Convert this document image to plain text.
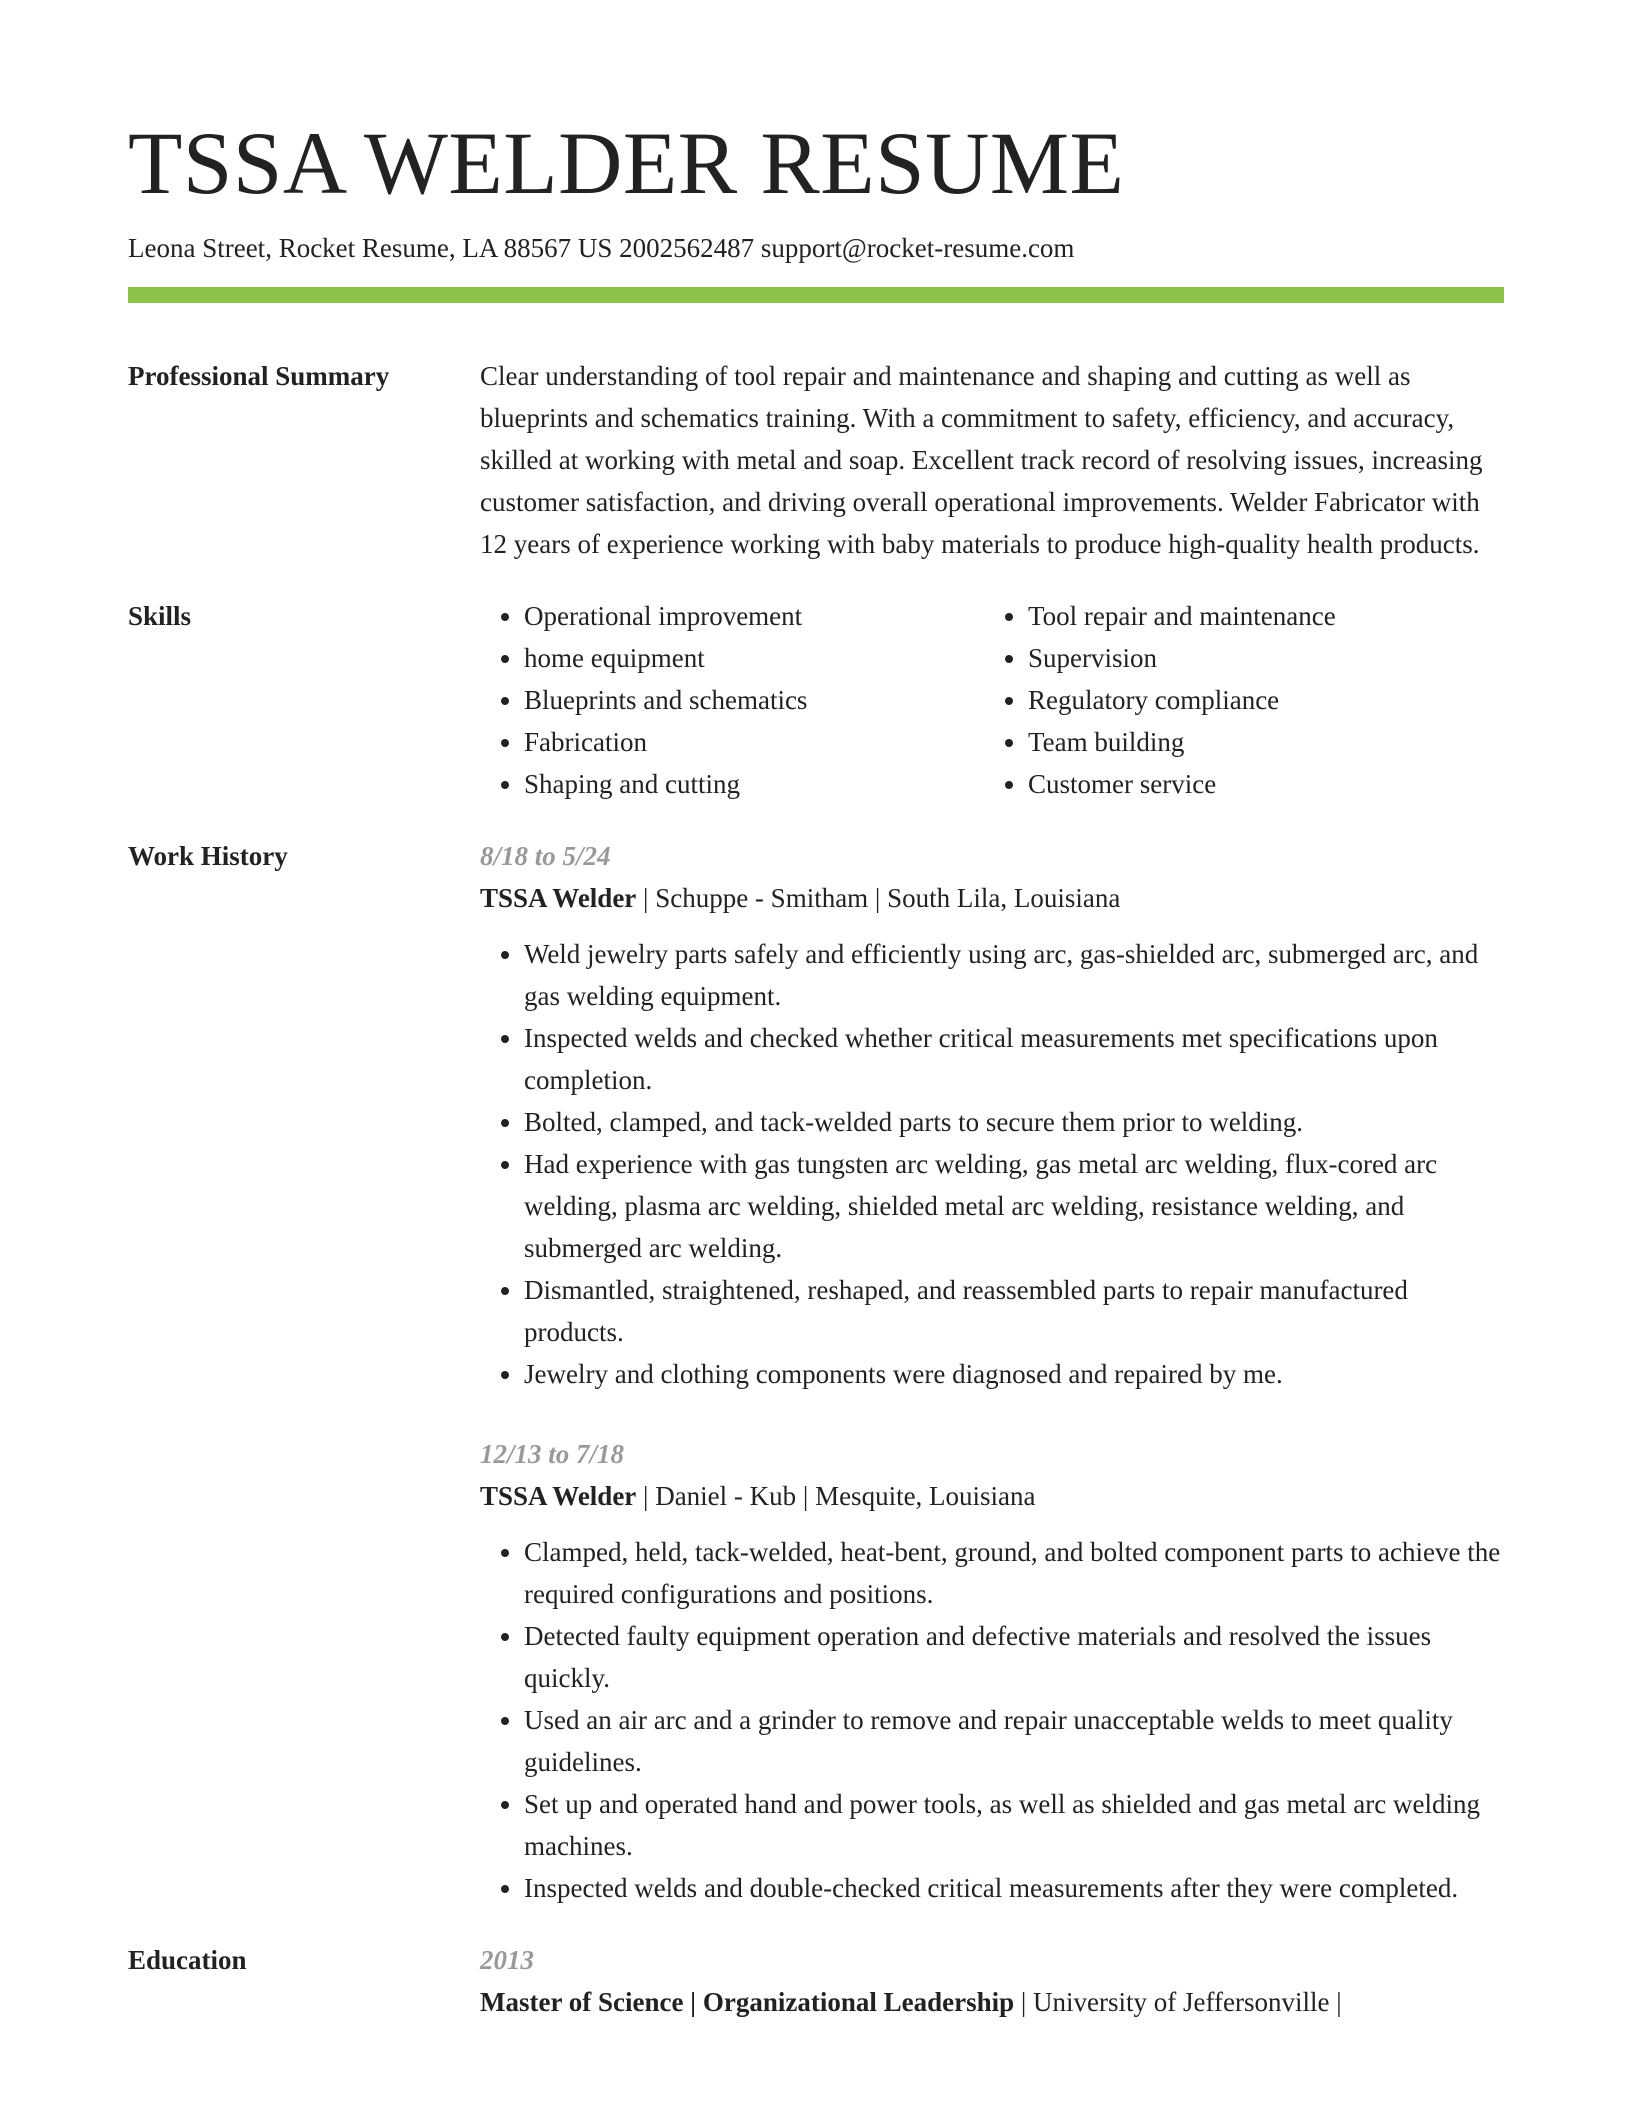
TSSA WELDER RESUME
Leona Street, Rocket Resume, LA 88567 US 2002562487 support@rocket-resume.com
Professional Summary	Clear understanding of tool repair and maintenance and shaping and cutting as well as blueprints and schematics training. With a commitment to safety, efficiency, and accuracy, skilled at working with metal and soap. Excellent track record of resolving issues, increasing customer satisfaction, and driving overall operational improvements. Welder Fabricator with 12 years of experience working with baby materials to produce high-quality health products.

Skills
•	Operational improvement
• home equipment
• Blueprints and schematics
• Fabrication
• Shaping and cutting
• Tool repair and maintenance
• Supervision
• Regulatory compliance
• Team building
• Customer service
Work History	8/18 to 5/24
TSSA Welder | Schuppe - Smitham | South Lila, Louisiana
• Weld jewelry parts safely and efficiently using arc, gas-shielded arc, submerged arc, and gas welding equipment.
• Inspected welds and checked whether critical measurements met specifications upon completion.
• Bolted, clamped, and tack-welded parts to secure them prior to welding.
• Had experience with gas tungsten arc welding, gas metal arc welding, flux-cored arc welding, plasma arc welding, shielded metal arc welding, resistance welding, and submerged arc welding.
• Dismantled, straightened, reshaped, and reassembled parts to repair manufactured products.
• Jewelry and clothing components were diagnosed and repaired by me.
12/13 to 7/18
TSSA Welder | Daniel - Kub | Mesquite, Louisiana
• Clamped, held, tack-welded, heat-bent, ground, and bolted component parts to achieve the required configurations and positions.
• Detected faulty equipment operation and defective materials and resolved the issues quickly.
• Used an air arc and a grinder to remove and repair unacceptable welds to meet quality guidelines.
• Set up and operated hand and power tools, as well as shielded and gas metal arc welding machines.
• Inspected welds and double-checked critical measurements after they were completed.
Education	2013
Master of Science | Organizational Leadership | University of Jeffersonville |
